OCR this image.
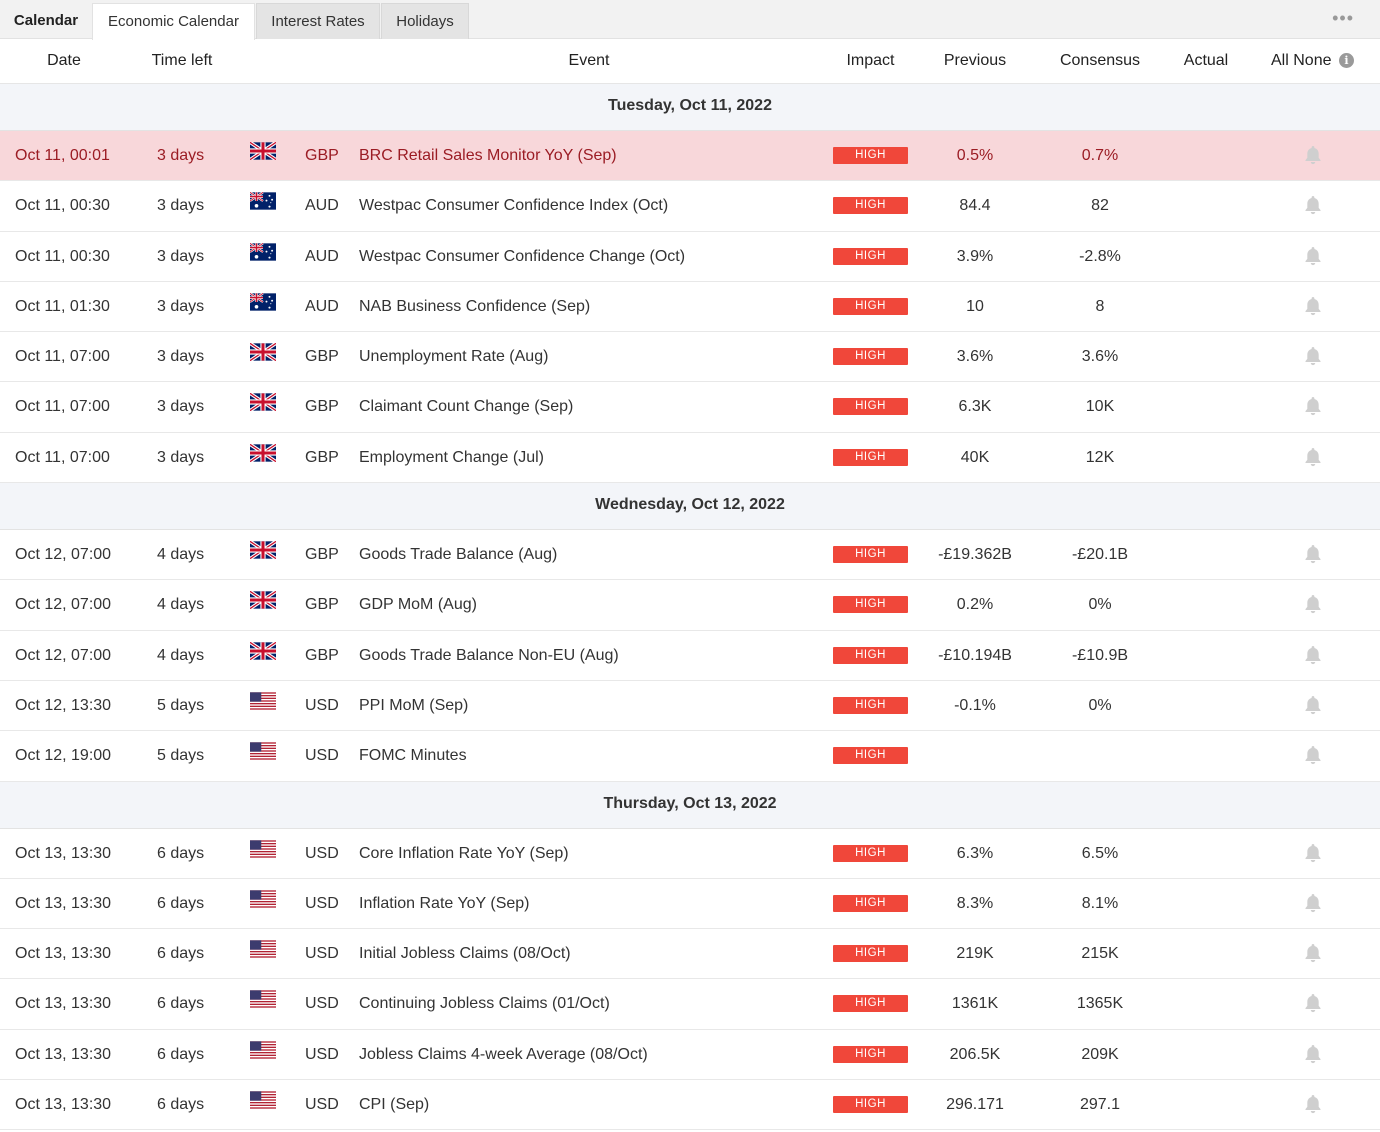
Calendar	Economic Calendar	Interest Rates	Holidays	•••
Date	Time left	Event	Impact	Previous	Consensus	Actual	All None i
Tuesday, Oct 11, 2022
Oct 11, 00:01	3 days	GBP BRC Retail Sales Monitor YoY (Sep)	HIGH	0.5%	0.7%
Oct 11, 00:30	3 days	AUD Westpac Consumer Confidence Index (Oct)	HIGH	84.4	82
Oct 11, 00:30	3 days	AUD Westpac Consumer Confidence Change (Oct)	HIGH	3.9%	-2.8%
Oct 11, 01:30	3 days	AUD NAB Business Confidence (Sep)	HIGH	10	8
Oct 11, 07:00	3 days	GBP Unemployment Rate (Aug)	HIGH	3.6%	3.6%
Oct 11, 07:00	3 days	GBP Claimant Count Change (Sep)	HIGH	6.3K	10K
Oct 11, 07:00	3 days	GBP Employment Change (Jul)	HIGH	40K	12K
Wednesday, Oct 12, 2022
Oct 12, 07:00	4 days	GBP Goods Trade Balance (Aug)	HIGH	-£19.362B	-£20.1B
Oct 12, 07:00	4 days	GBP GDP MoM (Aug)	HIGH	0.2%	0%
Oct 12, 07:00	4 days	GBP Goods Trade Balance Non-EU (Aug)	HIGH	-£10.194B	-£10.9B
Oct 12, 13:30	5 days	USD PPI MoM (Sep)	HIGH	-0.1%	0%
Oct 12, 19:00	5 days	USD FOMC Minutes	HIGH
Thursday, Oct 13, 2022
Oct 13, 13:30	6 days	USD Core Inflation Rate YoY (Sep)	HIGH	6.3%	6.5%
Oct 13, 13:30	6 days	USD Inflation Rate YoY (Sep)	HIGH	8.3%	8.1%
Oct 13, 13:30	6 days	USD Initial Jobless Claims (08/Oct)	HIGH	219K	215K
Oct 13, 13:30	6 days	USD Continuing Jobless Claims (01/Oct)	HIGH	1361K	1365K
Oct 13, 13:30	6 days	USD Jobless Claims 4-week Average (08/Oct)	HIGH	206.5K	209K
Oct 13, 13:30	6 days	USD CPI (Sep)	HIGH	296.171	297.1
